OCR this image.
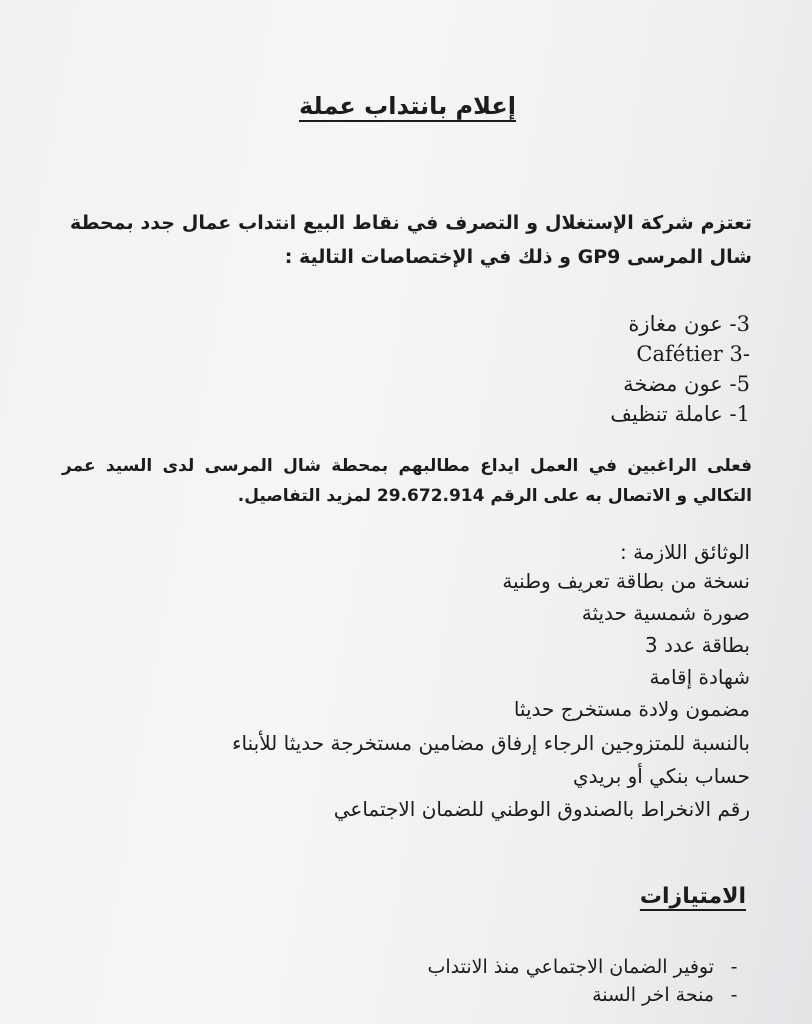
إعلام بانتداب عملة
تعتزم شركة الإستغلال و التصرف في نقاط البيع انتداب عمال جدد بمحطة شال المرسى GP9 و ذلك في الإختصاصات التالية :
3- عون مغازة
Cafétier 3-
5- عون مضخة
1- عاملة تنظيف
فعلى الراغبين في العمل ايداع مطالبهم بمحطة شال المرسى لدى السيد عمر التكالي و الاتصال به على الرقم 29.672.914 لمزيد التفاصيل.
الوثائق اللازمة :
نسخة من بطاقة تعريف وطنية
صورة شمسية حديثة
بطاقة عدد 3
شهادة إقامة
مضمون ولادة مستخرج حديثا
بالنسبة للمتزوجين الرجاء إرفاق مضامين مستخرجة حديثا للأبناء
حساب بنكي أو بريدي
رقم الانخراط بالصندوق الوطني للضمان الاجتماعي
الامتيازات
-توفير الضمان الاجتماعي منذ الانتداب
-منحة اخر السنة
